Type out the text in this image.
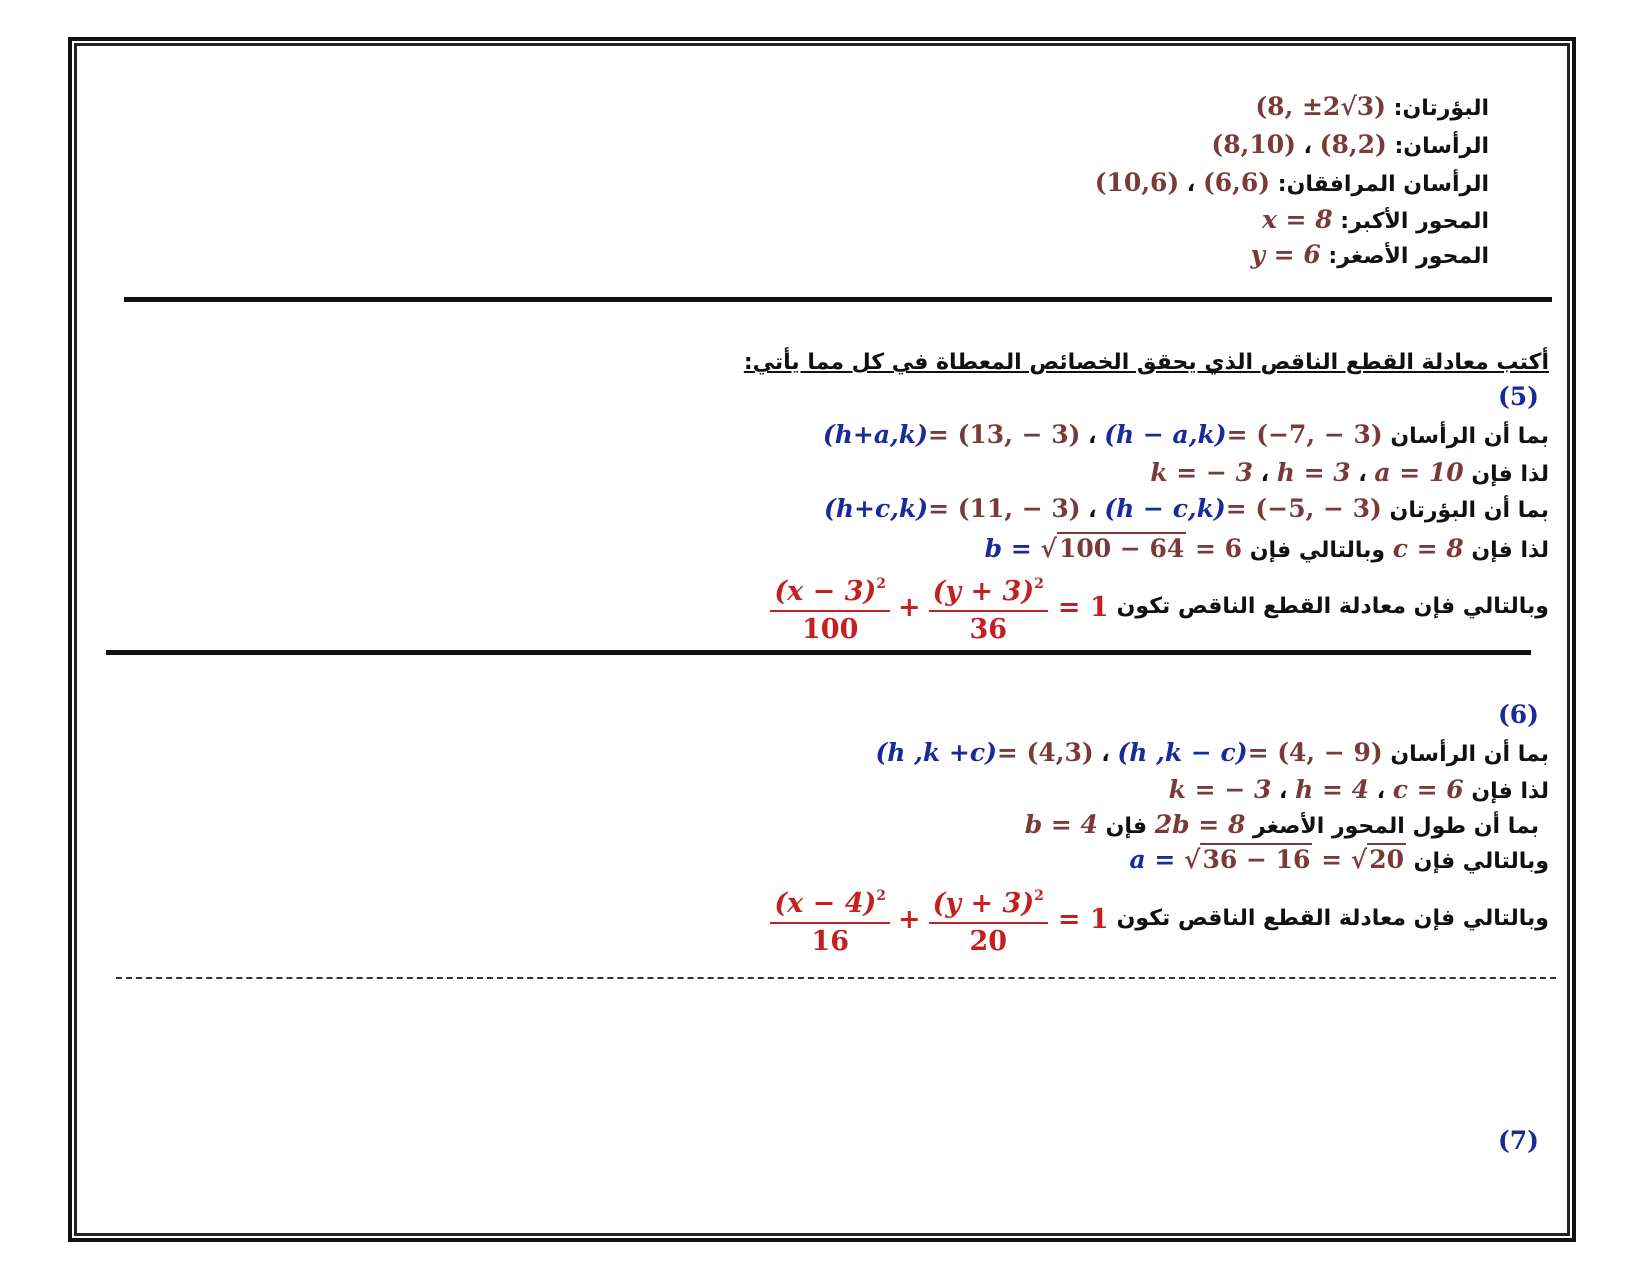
البؤرتان: (8, ±2√3)
الرأسان: (8,10) ، (8,2)
الرأسان المرافقان: (10,6) ، (6,6)
المحور الأكبر: x = 8
المحور الأصغر: y = 6
أكتب معادلة القطع الناقص الذي يحقق الخصائص المعطاة في كل مما يأتي:
(5)
بما أن الرأسان (h+a,k)= (13, − 3) ، (h − a,k)= (−7, − 3)
لذا فإن k = − 3 ، h = 3 ، a = 10
بما أن البؤرتان (h+c,k)= (11, − 3) ، (h − c,k)= (−5, − 3)
لذا فإن c = 8 وبالتالي فإن b = √100 − 64 = 6
وبالتالي فإن معادلة القطع الناقص تكون
$\frac{(x - 3)^2}{100} + \frac{(y + 3)^2}{36} = 1$
(6)
بما أن الرأسان (h ,k +c)= (4,3) ، (h ,k − c)= (4, − 9)
لذا فإن k = − 3 ، h = 4 ، c = 6
بما أن طول المحور الأصغر 2b = 8 فإن b = 4
وبالتالي فإن a = √36 − 16 = √20
وبالتالي فإن معادلة القطع الناقص تكون
$\frac{(x - 4)^2}{16} + \frac{(y + 3)^2}{20} = 1$
(7)
